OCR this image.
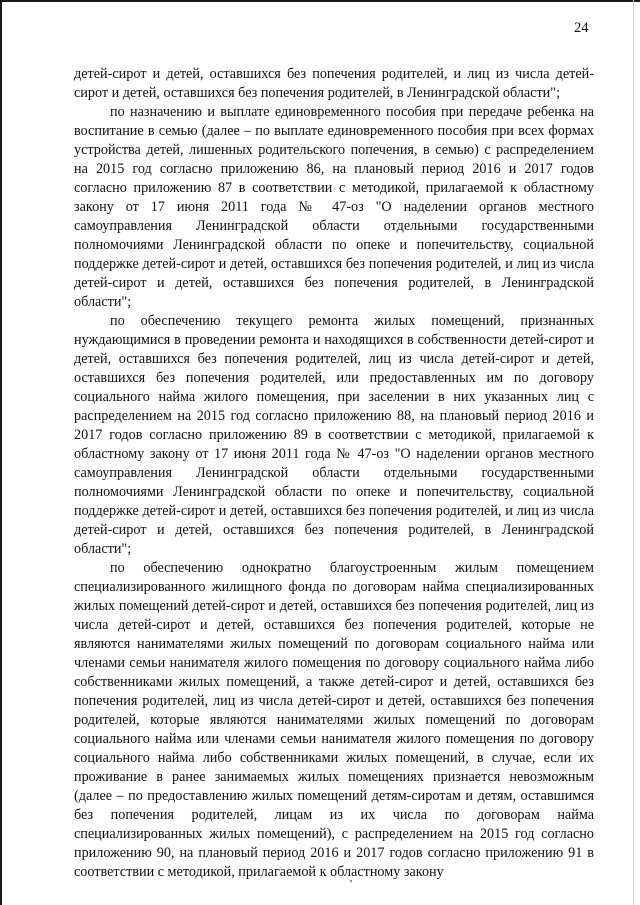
24

детей-сирот и детей, оставшихся без попечения родителей, и лиц из числа детей-сирот и детей, оставшихся без попечения родителей, в Ленинградской области";

по назначению и выплате единовременного пособия при передаче ребенка на воспитание в семью (далее – по выплате единовременного пособия при всех формах устройства детей, лишенных родительского попечения, в семью) с распределением на 2015 год согласно приложению 86, на плановый период 2016 и 2017 годов согласно приложению 87 в соответствии с методикой, прилагаемой к областному закону от 17 июня 2011 года № 47-оз "О наделении органов местного самоуправления Ленинградской области отдельными государственными полномочиями Ленинградской области по опеке и попечительству, социальной поддержке детей-сирот и детей, оставшихся без попечения родителей, и лиц из числа детей-сирот и детей, оставшихся без попечения родителей, в Ленинградской области";

по обеспечению текущего ремонта жилых помещений, признанных нуждающимися в проведении ремонта и находящихся в собственности детей-сирот и детей, оставшихся без попечения родителей, лиц из числа детей-сирот и детей, оставшихся без попечения родителей, или предоставленных им по договору социального найма жилого помещения, при заселении в них указанных лиц с распределением на 2015 год согласно приложению 88, на плановый период 2016 и 2017 годов согласно приложению 89 в соответствии с методикой, прилагаемой к областному закону от 17 июня 2011 года № 47-оз "О наделении органов местного самоуправления Ленинградской области отдельными государственными полномочиями Ленинградской области по опеке и попечительству, социальной поддержке детей-сирот и детей, оставшихся без попечения родителей, и лиц из числа детей-сирот и детей, оставшихся без попечения родителей, в Ленинградской области";

по обеспечению однократно благоустроенным жилым помещением специализированного жилищного фонда по договорам найма специализированных жилых помещений детей-сирот и детей, оставшихся без попечения родителей, лиц из числа детей-сирот и детей, оставшихся без попечения родителей, которые не являются нанимателями жилых помещений по договорам социального найма или членами семьи нанимателя жилого помещения по договору социального найма либо собственниками жилых помещений, а также детей-сирот и детей, оставшихся без попечения родителей, лиц из числа детей-сирот и детей, оставшихся без попечения родителей, которые являются нанимателями жилых помещений по договорам социального найма или членами семьи нанимателя жилого помещения по договору социального найма либо собственниками жилых помещений, в случае, если их проживание в ранее занимаемых жилых помещениях признается невозможным (далее – по предоставлению жилых помещений детям-сиротам и детям, оставшимся без попечения родителей, лицам из их числа по договорам найма специализированных жилых помещений), с распределением на 2015 год согласно приложению 90, на плановый период 2016 и 2017 годов согласно приложению 91 в соответствии с методикой, прилагаемой к областному закону
